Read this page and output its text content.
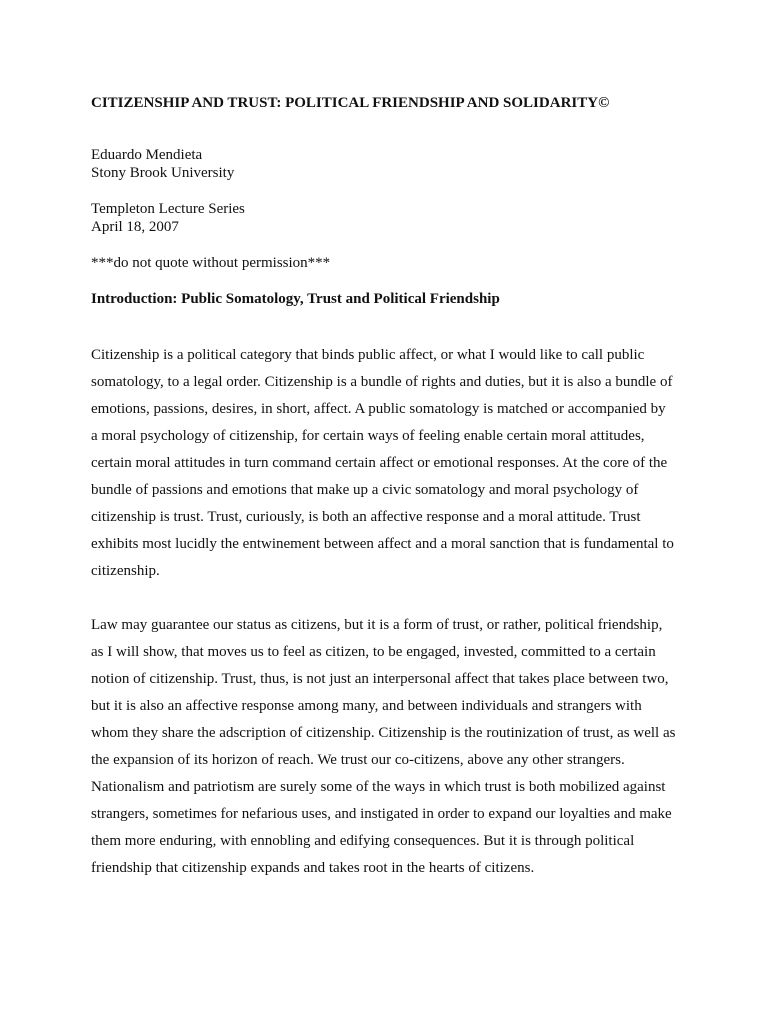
CITIZENSHIP AND TRUST: POLITICAL FRIENDSHIP AND SOLIDARITY©
Eduardo Mendieta
Stony Brook University
Templeton Lecture Series
April 18, 2007
***do not quote without permission***
Introduction: Public Somatology, Trust and Political Friendship

Citizenship is a political category that binds public affect, or what I would like to call public
somatology, to a legal order. Citizenship is a bundle of rights and duties, but it is also a bundle of
emotions, passions, desires, in short, affect. A public somatology is matched or accompanied by
a moral psychology of citizenship, for certain ways of feeling enable certain moral attitudes,
certain moral attitudes in turn command certain affect or emotional responses. At the core of the
bundle of passions and emotions that make up a civic somatology and moral psychology of
citizenship is trust. Trust, curiously, is both an affective response and a moral attitude. Trust
exhibits most lucidly the entwinement between affect and a moral sanction that is fundamental to
citizenship.

Law may guarantee our status as citizens, but it is a form of trust, or rather, political friendship,
as I will show, that moves us to feel as citizen, to be engaged, invested, committed to a certain
notion of citizenship. Trust, thus, is not just an interpersonal affect that takes place between two,
but it is also an affective response among many, and between individuals and strangers with
whom they share the adscription of citizenship. Citizenship is the routinization of trust, as well as
the expansion of its horizon of reach. We trust our co-citizens, above any other strangers.
Nationalism and patriotism are surely some of the ways in which trust is both mobilized against
strangers, sometimes for nefarious uses, and instigated in order to expand our loyalties and make
them more enduring, with ennobling and edifying consequences. But it is through political
friendship that citizenship expands and takes root in the hearts of citizens.
